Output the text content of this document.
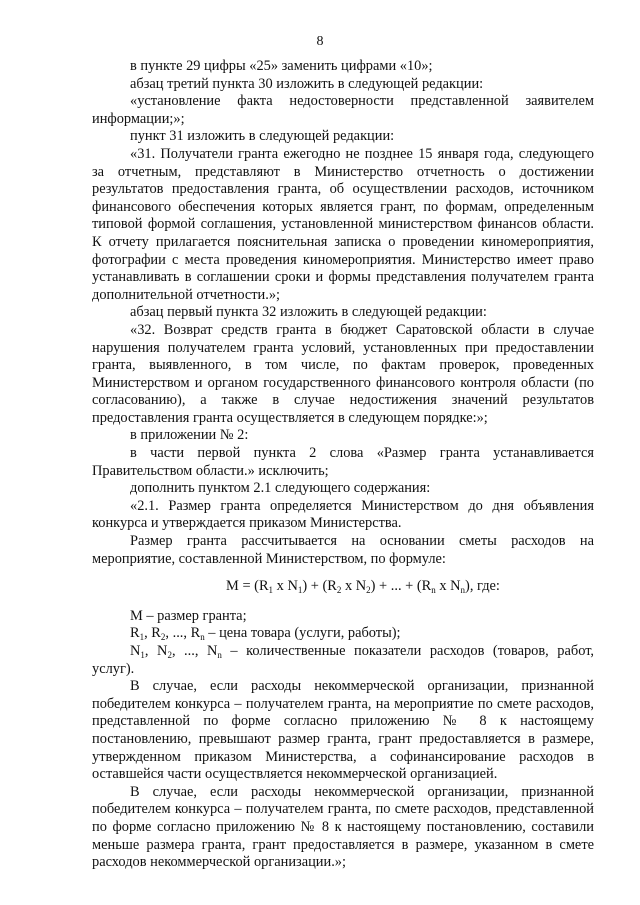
8

в пункте 29 цифры «25» заменить цифрами «10»;

абзац третий пункта 30 изложить в следующей редакции:

«установление факта недостоверности представленной заявителем информации;»;

пункт 31 изложить в следующей редакции:

«31. Получатели гранта ежегодно не позднее 15 января года, следующего за отчетным, представляют в Министерство отчетность о достижении результатов предоставления гранта, об осуществлении расходов, источником финансового обеспечения которых является грант, по формам, определенным типовой формой соглашения, установленной министерством финансов области. К отчету прилагается пояснительная записка о проведении киномероприятия, фотографии с места проведения киномероприятия. Министерство имеет право устанавливать в соглашении сроки и формы представления получателем гранта дополнительной отчетности.»;

абзац первый пункта 32 изложить в следующей редакции:

«32. Возврат средств гранта в бюджет Саратовской области в случае нарушения получателем гранта условий, установленных при предоставлении гранта, выявленного, в том числе, по фактам проверок, проведенных Министерством и органом государственного финансового контроля области (по согласованию), а также в случае недостижения значений результатов предоставления гранта осуществляется в следующем порядке:»;

в приложении № 2:

в части первой пункта 2 слова «Размер гранта устанавливается Правительством области.» исключить;

дополнить пунктом 2.1 следующего содержания:

«2.1. Размер гранта определяется Министерством до дня объявления конкурса и утверждается приказом Министерства.

Размер гранта рассчитывается на основании сметы расходов на мероприятие, составленной Министерством, по формуле:

$M = (R_1$ x $N_1) + (R_2$ x $N_2$) + ... + ($R_n$ x $N_n$), где:

M – размер гранта;

$R_1$, $R_2$, ..., $R_n$ – цена товара (услуги, работы);

$N_1$, $N_2$, ..., $N_n$ – количественные показатели расходов (товаров, работ, услуг).

В случае, если расходы некоммерческой организации, признанной победителем конкурса – получателем гранта, на мероприятие по смете расходов, представленной по форме согласно приложению № 8 к настоящему постановлению, превышают размер гранта, грант предоставляется в размере, утвержденном приказом Министерства, а софинансирование расходов в оставшейся части осуществляется некоммерческой организацией.

В случае, если расходы некоммерческой организации, признанной победителем конкурса – получателем гранта, по смете расходов, представленной по форме согласно приложению № 8 к настоящему постановлению, составили меньше размера гранта, грант предоставляется в размере, указанном в смете расходов некоммерческой организации.»;
